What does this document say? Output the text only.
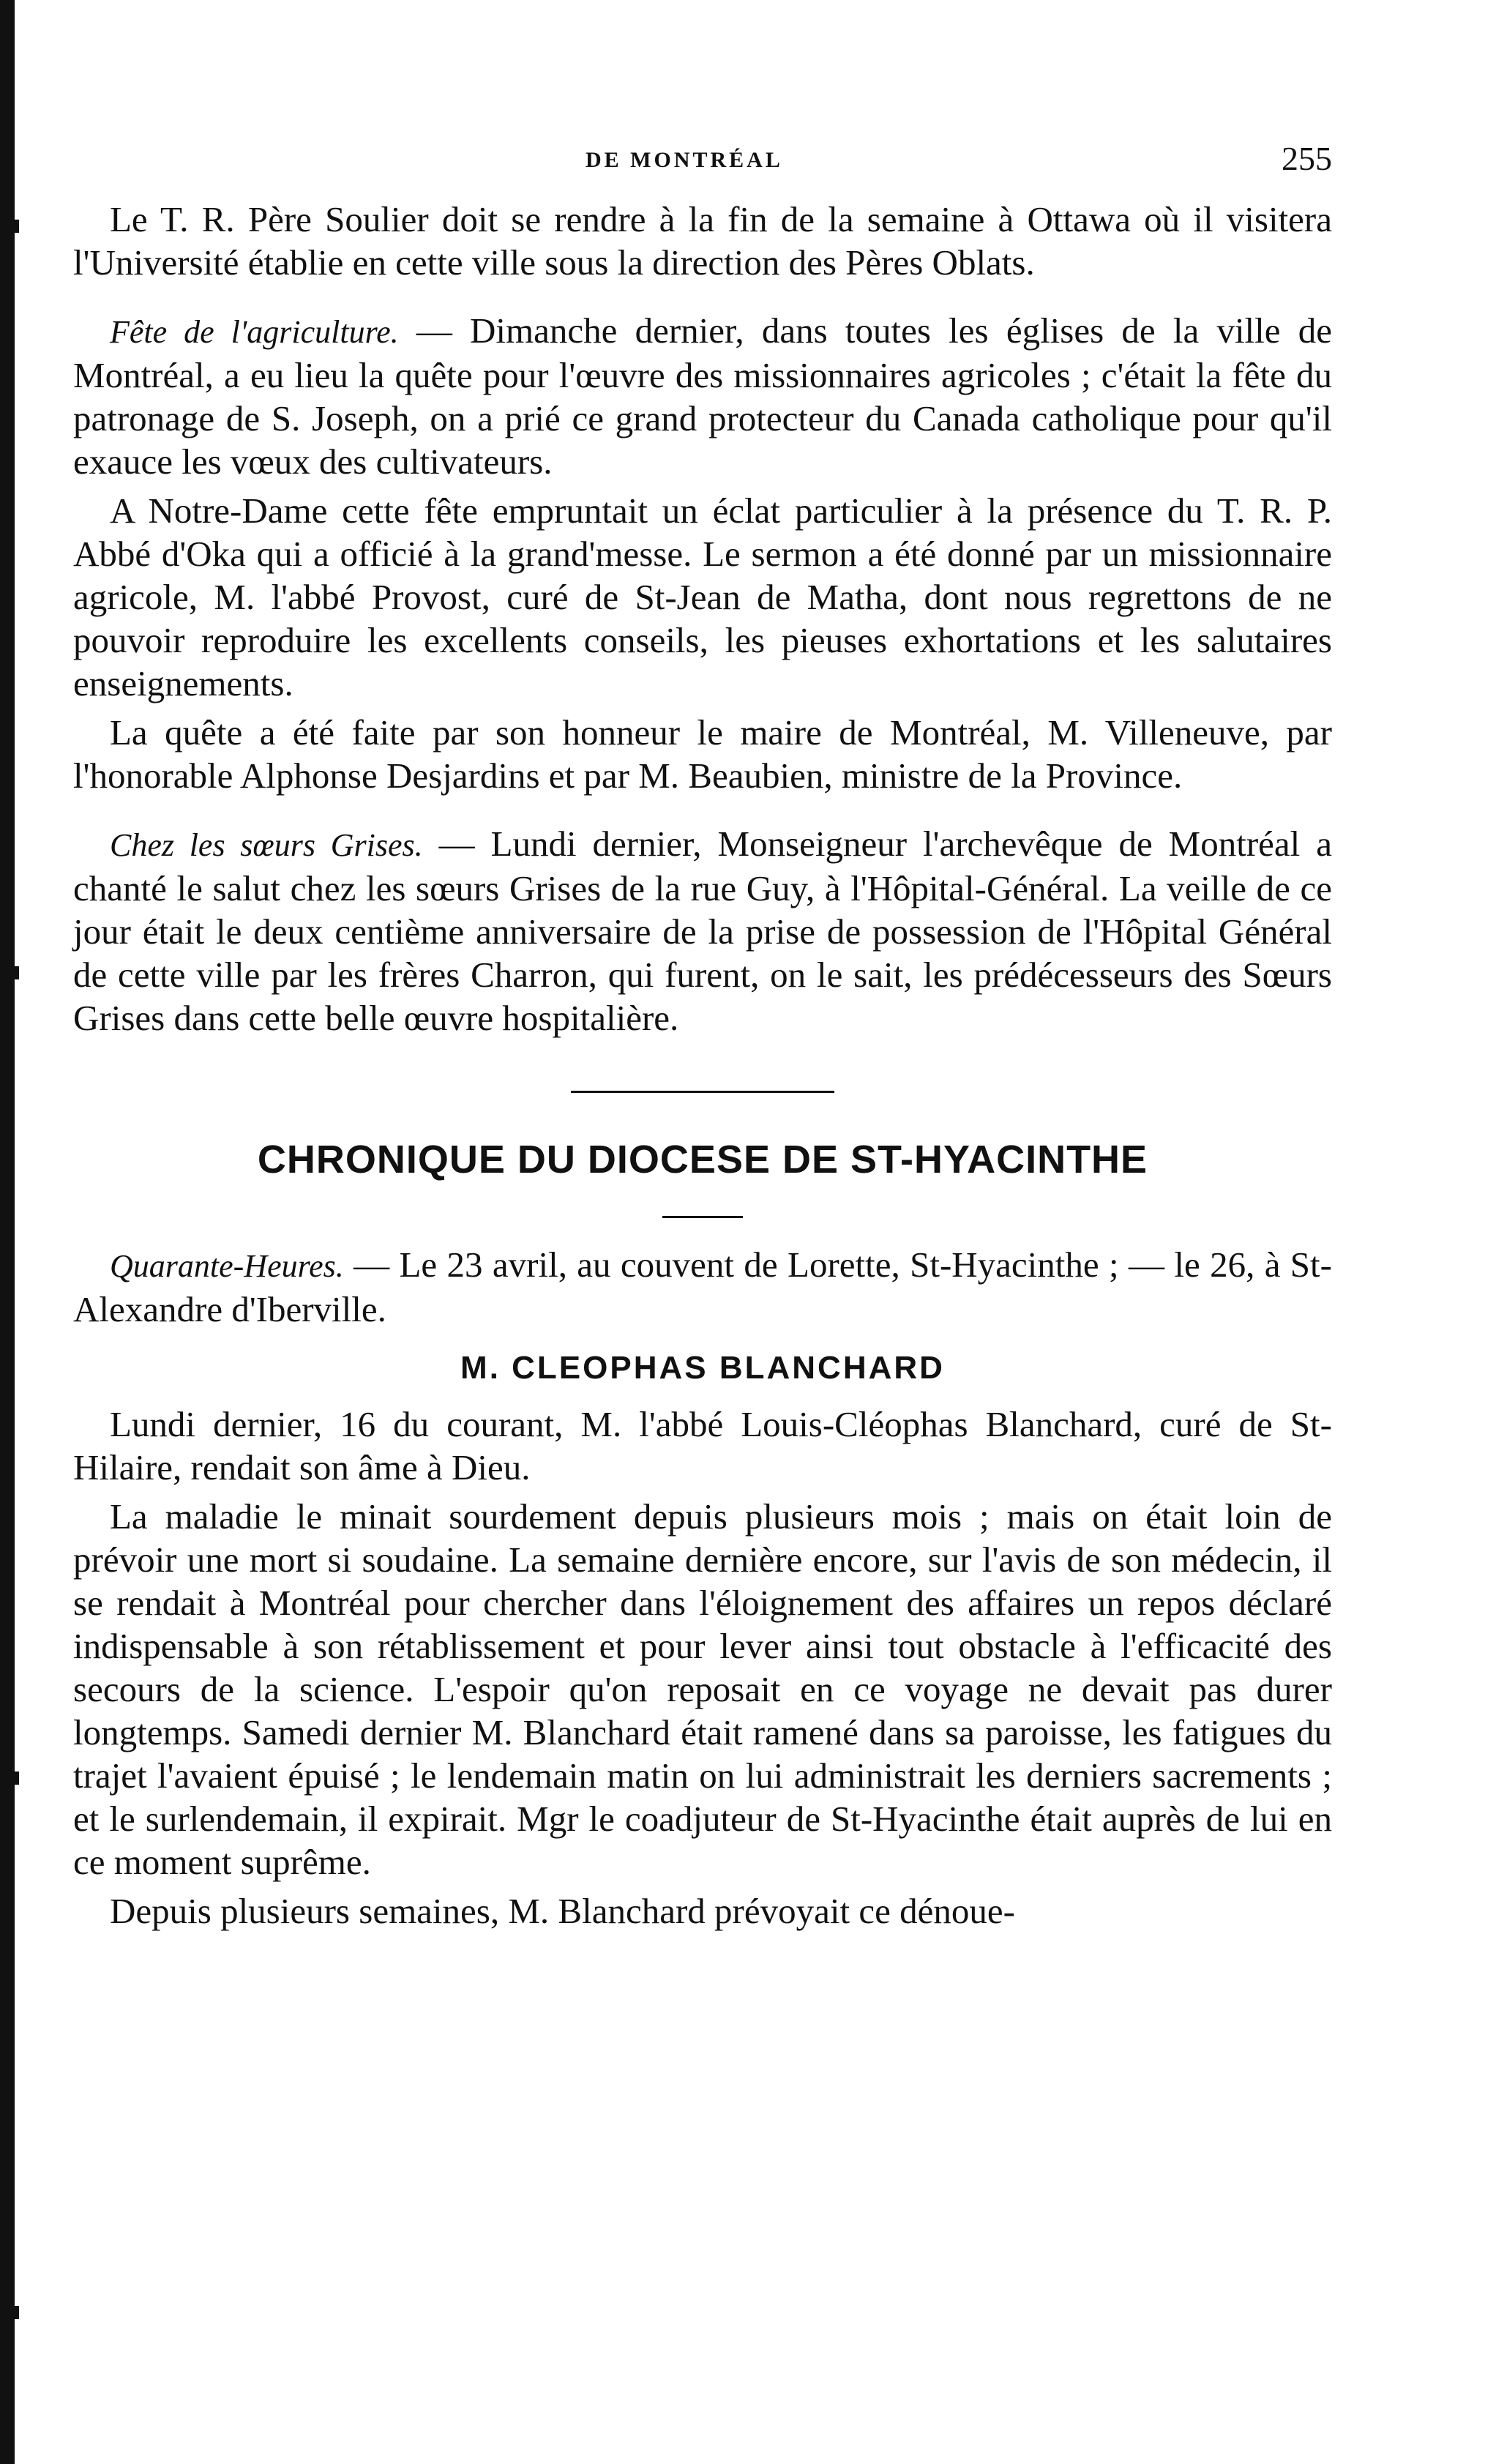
DE MONTRÉAL	255

Le T. R. Père Soulier doit se rendre à la fin de la semaine à Ottawa où il visitera l'Université établie en cette ville sous la direction des Pères Oblats.

Fête de l'agriculture. — Dimanche dernier, dans toutes les églises de la ville de Montréal, a eu lieu la quête pour l'œuvre des missionnaires agricoles ; c'était la fête du patronage de S. Joseph, on a prié ce grand protecteur du Canada catholique pour qu'il exauce les vœux des cultivateurs.

A Notre-Dame cette fête empruntait un éclat particulier à la présence du T. R. P. Abbé d'Oka qui a officié à la grand'messe. Le sermon a été donné par un missionnaire agricole, M. l'abbé Provost, curé de St-Jean de Matha, dont nous regrettons de ne pouvoir reproduire les excellents conseils, les pieuses exhortations et les salutaires enseignements.

La quête a été faite par son honneur le maire de Montréal, M. Villeneuve, par l'honorable Alphonse Desjardins et par M. Beaubien, ministre de la Province.

Chez les sœurs Grises. — Lundi dernier, Monseigneur l'archevêque de Montréal a chanté le salut chez les sœurs Grises de la rue Guy, à l'Hôpital-Général. La veille de ce jour était le deux centième anniversaire de la prise de possession de l'Hôpital Général de cette ville par les frères Charron, qui furent, on le sait, les prédécesseurs des Sœurs Grises dans cette belle œuvre hospitalière.

CHRONIQUE DU DIOCESE DE ST-HYACINTHE

Quarante-Heures. — Le 23 avril, au couvent de Lorette, St-Hyacinthe ; — le 26, à St-Alexandre d'Iberville.

M. CLEOPHAS BLANCHARD

Lundi dernier, 16 du courant, M. l'abbé Louis-Cléophas Blanchard, curé de St-Hilaire, rendait son âme à Dieu.

La maladie le minait sourdement depuis plusieurs mois ; mais on était loin de prévoir une mort si soudaine. La semaine dernière encore, sur l'avis de son médecin, il se rendait à Montréal pour chercher dans l'éloignement des affaires un repos déclaré indispensable à son rétablissement et pour lever ainsi tout obstacle à l'efficacité des secours de la science. L'espoir qu'on reposait en ce voyage ne devait pas durer longtemps. Samedi dernier M. Blanchard était ramené dans sa paroisse, les fatigues du trajet l'avaient épuisé ; le lendemain matin on lui administrait les derniers sacrements ; et le surlendemain, il expirait. Mgr le coadjuteur de St-Hyacinthe était auprès de lui en ce moment suprême.

Depuis plusieurs semaines, M. Blanchard prévoyait ce dénoue-
